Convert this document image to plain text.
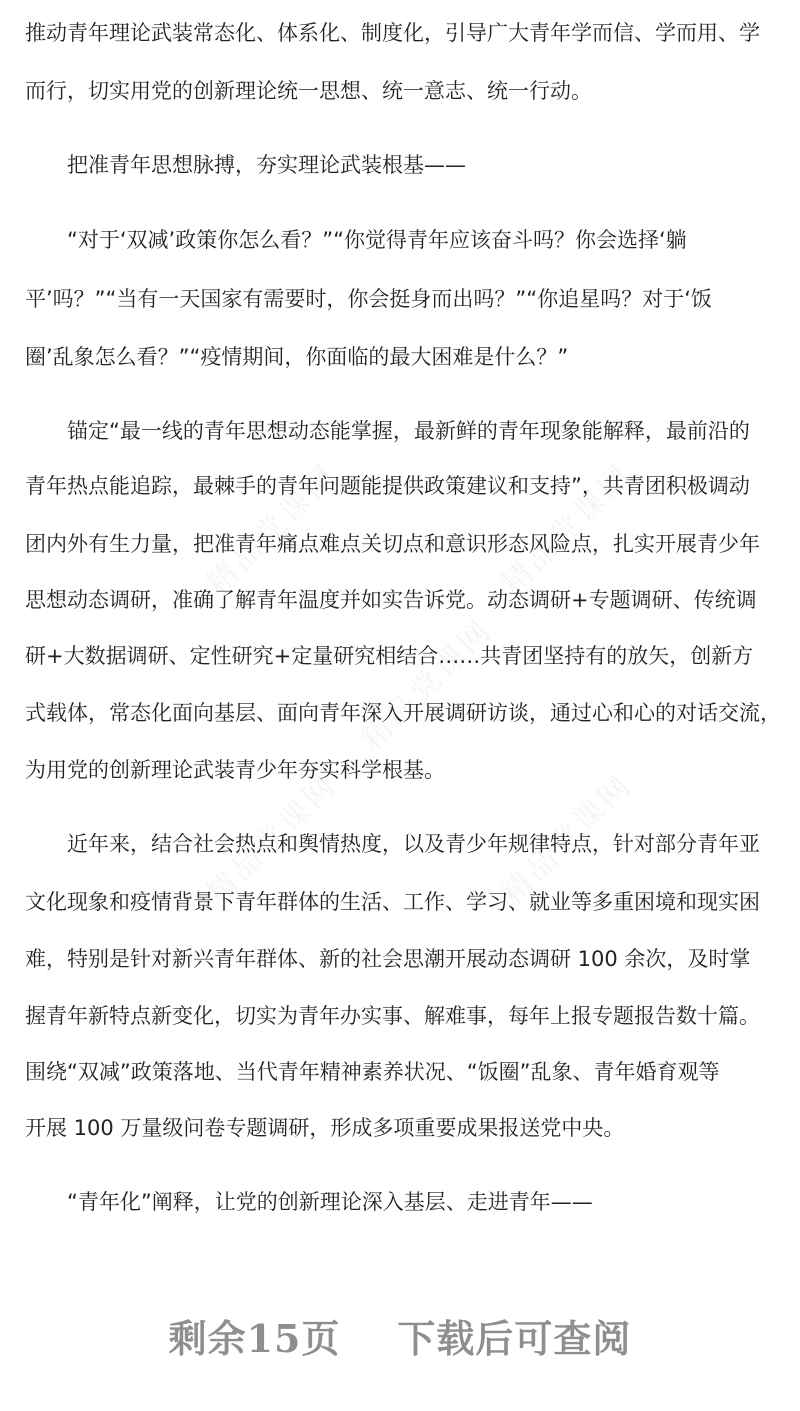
推动青年理论武装常态化、体系化、制度化，引导广大青年学而信、学而用、学
而行，切实用党的创新理论统一思想、统一意志、统一行动。
把准青年思想脉搏，夯实理论武装根基——
“对于‘双减’政策你怎么看？”“你觉得青年应该奋斗吗？你会选择‘躺
平’吗？”“当有一天国家有需要时，你会挺身而出吗？”“你追星吗？对于‘饭
圈’乱象怎么看？”“疫情期间，你面临的最大困难是什么？”
锚定“最一线的青年思想动态能掌握，最新鲜的青年现象能解释，最前沿的
青年热点能追踪，最棘手的青年问题能提供政策建议和支持”，共青团积极调动
团内外有生力量，把准青年痛点难点关切点和意识形态风险点，扎实开展青少年
思想动态调研，准确了解青年温度并如实告诉党。动态调研+专题调研、传统调
研+大数据调研、定性研究+定量研究相结合……共青团坚持有的放矢，创新方
式载体，常态化面向基层、面向青年深入开展调研访谈，通过心和心的对话交流，
为用党的创新理论武装青少年夯实科学根基。
近年来，结合社会热点和舆情热度，以及青少年规律特点，针对部分青年亚
文化现象和疫情背景下青年群体的生活、工作、学习、就业等多重困境和现实困
难，特别是针对新兴青年群体、新的社会思潮开展动态调研 100 余次，及时掌
握青年新特点新变化，切实为青年办实事、解难事，每年上报专题报告数十篇。
围绕“双减”政策落地、当代青年精神素养状况、“饭圈”乱象、青年婚育观等
开展 100 万量级问卷专题调研，形成多项重要成果报送党中央。
“青年化”阐释，让党的创新理论深入基层、走进青年——
剩余15页 下载后可查阅
